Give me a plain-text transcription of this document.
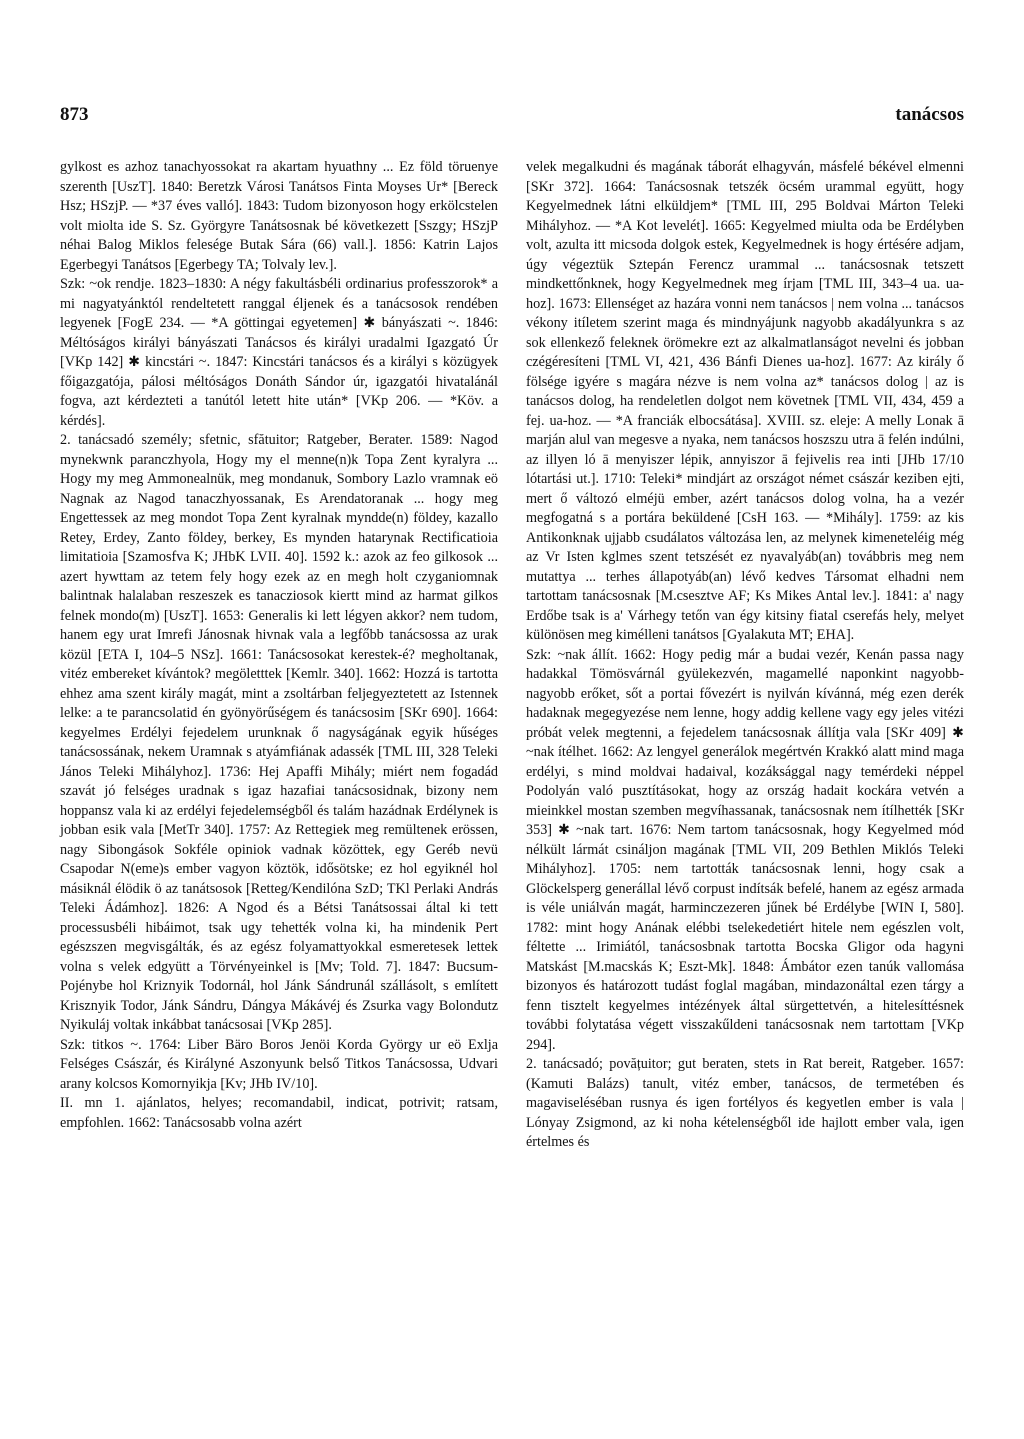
873	tanácsos

gylkost es azhoz tanachyossokat ra akartam hyuathny ... Ez föld töruenye szerenth [UszT]. 1840: Beretzk Városi Tanátsos Finta Moyses Ur* [Bereck Hsz; HSzjP. — *37 éves valló]. 1843: Tudom bizonyoson hogy erkölcstelen volt miolta ide S. Sz. Györgyre Tanátsosnak bé következett [Sszgy; HSzjP néhai Balog Miklos felesége Butak Sára (66) vall.]. 1856: Katrin Lajos Egerbegyi Tanátsos [Egerbegy TA; Tolvaly lev.].

Szk: ~ok rendje. 1823–1830: A négy fakultásbéli ordinarius professzorok* a mi nagyatyánktól rendeltetett ranggal éljenek és a tanácsosok rendében legyenek [FogE 234. — *A göttingai egyetemen] ✱ bányászati ~. 1846: Méltóságos királyi bányászati Tanácsos és királyi uradalmi Igazgató Úr [VKp 142] ✱ kincstári ~. 1847: Kincstári tanácsos és a királyi s közügyek főigazgatója, pálosi méltóságos Donáth Sándor úr, igazgatói hivatalánál fogva, azt kérdezteti a tanútól letett hite után* [VKp 206. — *Köv. a kérdés].

2. tanácsadó személy; sfetnic, sfătuitor; Ratgeber, Berater. 1589: Nagod mynekwnk paranczhyola, Hogy my el menne(n)k Topa Zent kyralyra ... Hogy my meg Ammonealnük, meg mondanuk, Sombory Lazlo vramnak eö Nagnak az Nagod tanaczhyossanak, Es Arendatoranak ... hogy meg Engettessek az meg mondot Topa Zent kyralnak myndde(n) földey, kazallo Retey, Erdey, Zanto földey, berkey, Es mynden hatarynak Rectificatioia limitatioia [Szamosfva K; JHbK LVII. 40]. 1592 k.: azok az feo gilkosok ... azert hywttam az tetem fely hogy ezek az en megh holt czyganiomnak balintnak halalaban reszeszek es tanacziosok kiertt mind az harmat gilkos felnek mondo(m) [UszT]. 1653: Generalis ki lett légyen akkor? nem tudom, hanem egy urat Imrefi Jánosnak hivnak vala a legfőbb tanácsossa az urak közül [ETA I, 104–5 NSz]. 1661: Tanácsosokat kerestek-é? megholtanak, vitéz embereket kívántok? megöletttek [Kemlr. 340]. 1662: Hozzá is tartotta ehhez ama szent király magát, mint a zsoltárban feljegyeztetett az Istennek lelke: a te parancsolatid én gyönyörűségem és tanácsosim [SKr 690]. 1664: kegyelmes Erdélyi fejedelem urunknak ő nagyságának egyik hűséges tanácsossának, nekem Uramnak s atyámfiának adassék [TML III, 328 Teleki János Teleki Mihályhoz]. 1736: Hej Apaffi Mihály; miért nem fogadád szavát jó felséges uradnak s igaz hazafiai tanácsosidnak, bizony nem hoppansz vala ki az erdélyi fejedelemségből és talám hazádnak Erdélynek is jobban esik vala [MetTr 340]. 1757: Az Rettegiek meg remültenek erössen, nagy Sibongások Sokféle opiniok vadnak közöttek, egy Geréb nevü Csapodar N(eme)s ember vagyon köztök, idősötske; ez hol egyiknél hol másiknál élödik ö az tanátsosok [Retteg/Kendilóna SzD; TKl Perlaki András Teleki Ádámhoz]. 1826: A Ngod és a Bétsi Tanátsossai által ki tett processusbéli hibáimot, tsak ugy tehették volna ki, ha mindenik Pert egészszen megvisgálták, és az egész folyamattyokkal esmeretesek lettek volna s velek edgyütt a Törvényeinkel is [Mv; Told. 7]. 1847: Bucsum-Pojénybe hol Kriznyik Todornál, hol Jánk Sándrunál szállásolt, s említett Krisznyik Todor, Jánk Sándru, Dángya Mákávéj és Zsurka vagy Bolondutz Nyikuláj voltak inkábbat tanácsosai [VKp 285].

Szk: titkos ~. 1764: Liber Bäro Boros Jenöi Korda György ur eö Exlja Felséges Császár, és Királyné Aszonyunk belső Titkos Tanácsossa, Udvari arany kolcsos Komornyikja [Kv; JHb IV/10].

II. mn 1. ajánlatos, helyes; recomandabil, indicat, potrivit; ratsam, empfohlen. 1662: Tanácsosabb volna azért

velek megalkudni és magának táborát elhagyván, másfelé békével elmenni [SKr 372]. 1664: Tanácsosnak tetszék öcsém urammal együtt, hogy Kegyelmednek látni elküldjem* [TML III, 295 Boldvai Márton Teleki Mihályhoz. — *A Kot levelét]. 1665: Kegyelmed miulta oda be Erdélyben volt, azulta itt micsoda dolgok estek, Kegyelmednek is hogy értésére adjam, úgy végeztük Sztepán Ferencz urammal ... tanácsosnak tetszett mindkettőnknek, hogy Kegyelmednek meg írjam [TML III, 343–4 ua. ua-hoz]. 1673: Ellenséget az hazára vonni nem tanácsos | nem volna ... tanácsos vékony itíletem szerint maga és mindnyájunk nagyobb akadályunkra s az sok ellenkező feleknek örömekre ezt az alkalmatlanságot nevelni és jobban czégéresíteni [TML VI, 421, 436 Bánfi Dienes ua-hoz]. 1677: Az király ő fölsége igyére s magára nézve is nem volna az* tanácsos dolog | az is tanácsos dolog, ha rendeletlen dolgot nem követnek [TML VII, 434, 459 a fej. ua-hoz. — *A franciák elbocsátása]. XVIII. sz. eleje: A melly Lonak ā marján alul van megesve a nyaka, nem tanácsos hoszszu utra ā felén indúlni, az illyen ló ā menyiszer lépik, annyiszor ā fejivelis rea inti [JHb 17/10 lótartási ut.]. 1710: Teleki* mindjárt az országot német császár keziben ejti, mert ő változó elméjü ember, azért tanácsos dolog volna, ha a vezér megfogatná s a portára beküldené [CsH 163. — *Mihály]. 1759: az kis Antikonknak ujjabb csudálatos változása len, az melynek kimeneteléig még az Vr Isten kglmes szent tetszését ez nyavalyáb(an) továbbris meg nem mutattya ... terhes állapotyáb(an) lévő kedves Társomat elhadni nem tartottam tanácsosnak [M.csesztve AF; Ks Mikes Antal lev.]. 1841: a' nagy Erdőbe tsak is a' Várhegy tetőn van égy kitsiny fiatal cserefás hely, melyet különösen meg kimélleni tanátsos [Gyalakuta MT; EHA].

Szk: ~nak állít. 1662: Hogy pedig már a budai vezér, Kenán passa nagy hadakkal Tömösvárnál gyülekezvén, magamellé naponkint nagyobb-nagyobb erőket, sőt a portai fővezért is nyilván kívánná, még ezen derék hadaknak megegyezése nem lenne, hogy addig kellene vagy egy jeles vitézi próbát velek megtenni, a fejedelem tanácsosnak állítja vala [SKr 409] ✱ ~nak ítélhet. 1662: Az lengyel generálok megértvén Krakkó alatt mind maga erdélyi, s mind moldvai hadaival, kozáksággal nagy temérdeki néppel Podolyán való pusztításokat, hogy az ország hadait kockára vetvén a mieinkkel mostan szemben megvíhassanak, tanácsosnak nem ítílhették [SKr 353] ✱ ~nak tart. 1676: Nem tartom tanácsosnak, hogy Kegyelmed mód nélkült lármát csináljon magának [TML VII, 209 Bethlen Miklós Teleki Mihályhoz]. 1705: nem tartották tanácsosnak lenni, hogy csak a Glöckelsperg generállal lévő corpust indítsák befelé, hanem az egész armada is véle uniálván magát, harminczezeren jűnek bé Erdélybe [WIN I, 580]. 1782: mint hogy Anának elébbi tselekedetiért hitele nem egészlen volt, féltette ... Irimiától, tanácsosbnak tartotta Bocska Gligor oda hagyni Matskást [M.macskás K; Eszt-Mk]. 1848: Ámbátor ezen tanúk vallomása bizonyos és határozott tudást foglal magában, mindazonáltal ezen tárgy a fenn tisztelt kegyelmes intézények által sürgettetvén, a hitelesíttésnek további folytatása végett visszakűldeni tanácsosnak nem tartottam [VKp 294].

2. tanácsadó; povățuitor; gut beraten, stets in Rat bereit, Ratgeber. 1657: (Kamuti Balázs) tanult, vitéz ember, tanácsos, de termetében és magaviseléséban rusnya és igen fortélyos és kegyetlen ember is vala | Lónyay Zsigmond, az ki noha kételenségből ide hajlott ember vala, igen értelmes és
